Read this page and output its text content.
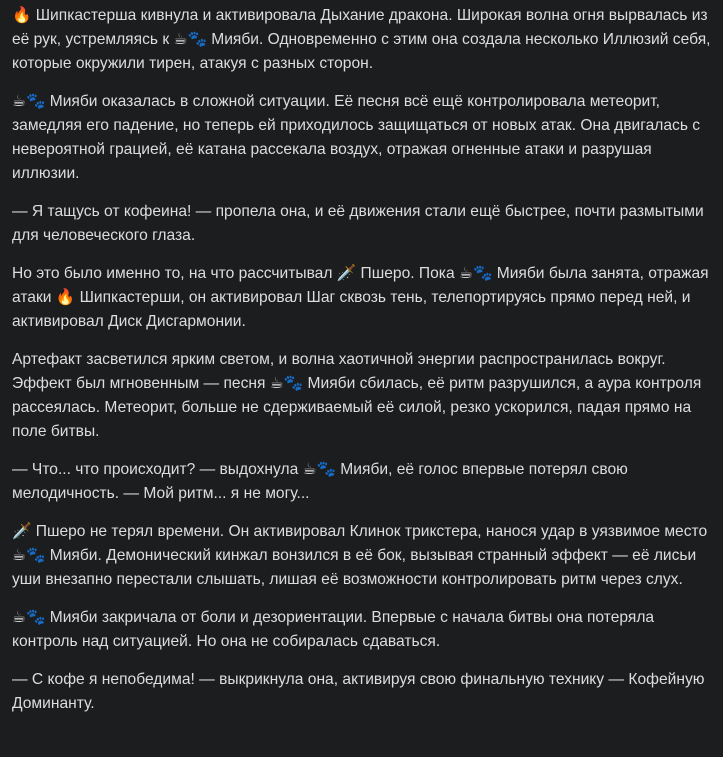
🔥 Шипкастерша кивнула и активировала Дыхание дракона. Широкая волна огня вырвалась из её рук, устремляясь к ☕🐾 Мияби. Одновременно с этим она создала несколько Иллюзий себя, которые окружили тирен, атакуя с разных сторон.

☕🐾 Мияби оказалась в сложной ситуации. Её песня всё ещё контролировала метеорит, замедляя его падение, но теперь ей приходилось защищаться от новых атак. Она двигалась с невероятной грацией, её катана рассекала воздух, отражая огненные атаки и разрушая иллюзии.

— Я тащусь от кофеина! — пропела она, и её движения стали ещё быстрее, почти размытыми для человеческого глаза.

Но это было именно то, на что рассчитывал 🗡️ Пшеро. Пока ☕🐾 Мияби была занята, отражая атаки 🔥 Шипкастерши, он активировал Шаг сквозь тень, телепортируясь прямо перед ней, и активировал Диск Дисгармонии.

Артефакт засветился ярким светом, и волна хаотичной энергии распространилась вокруг. Эффект был мгновенным — песня ☕🐾 Мияби сбилась, её ритм разрушился, а аура контроля рассеялась. Метеорит, больше не сдерживаемый её силой, резко ускорился, падая прямо на поле битвы.

— Что... что происходит? — выдохнула ☕🐾 Мияби, её голос впервые потерял свою мелодичность. — Мой ритм... я не могу...

🗡️ Пшеро не терял времени. Он активировал Клинок трикстера, нанося удар в уязвимое место ☕🐾 Мияби. Демонический кинжал вонзился в её бок, вызывая странный эффект — её лисьи уши внезапно перестали слышать, лишая её возможности контролировать ритм через слух.

☕🐾 Мияби закричала от боли и дезориентации. Впервые с начала битвы она потеряла контроль над ситуацией. Но она не собиралась сдаваться.

— С кофе я непобедима! — выкрикнула она, активируя свою финальную технику — Кофейную Доминанту.
